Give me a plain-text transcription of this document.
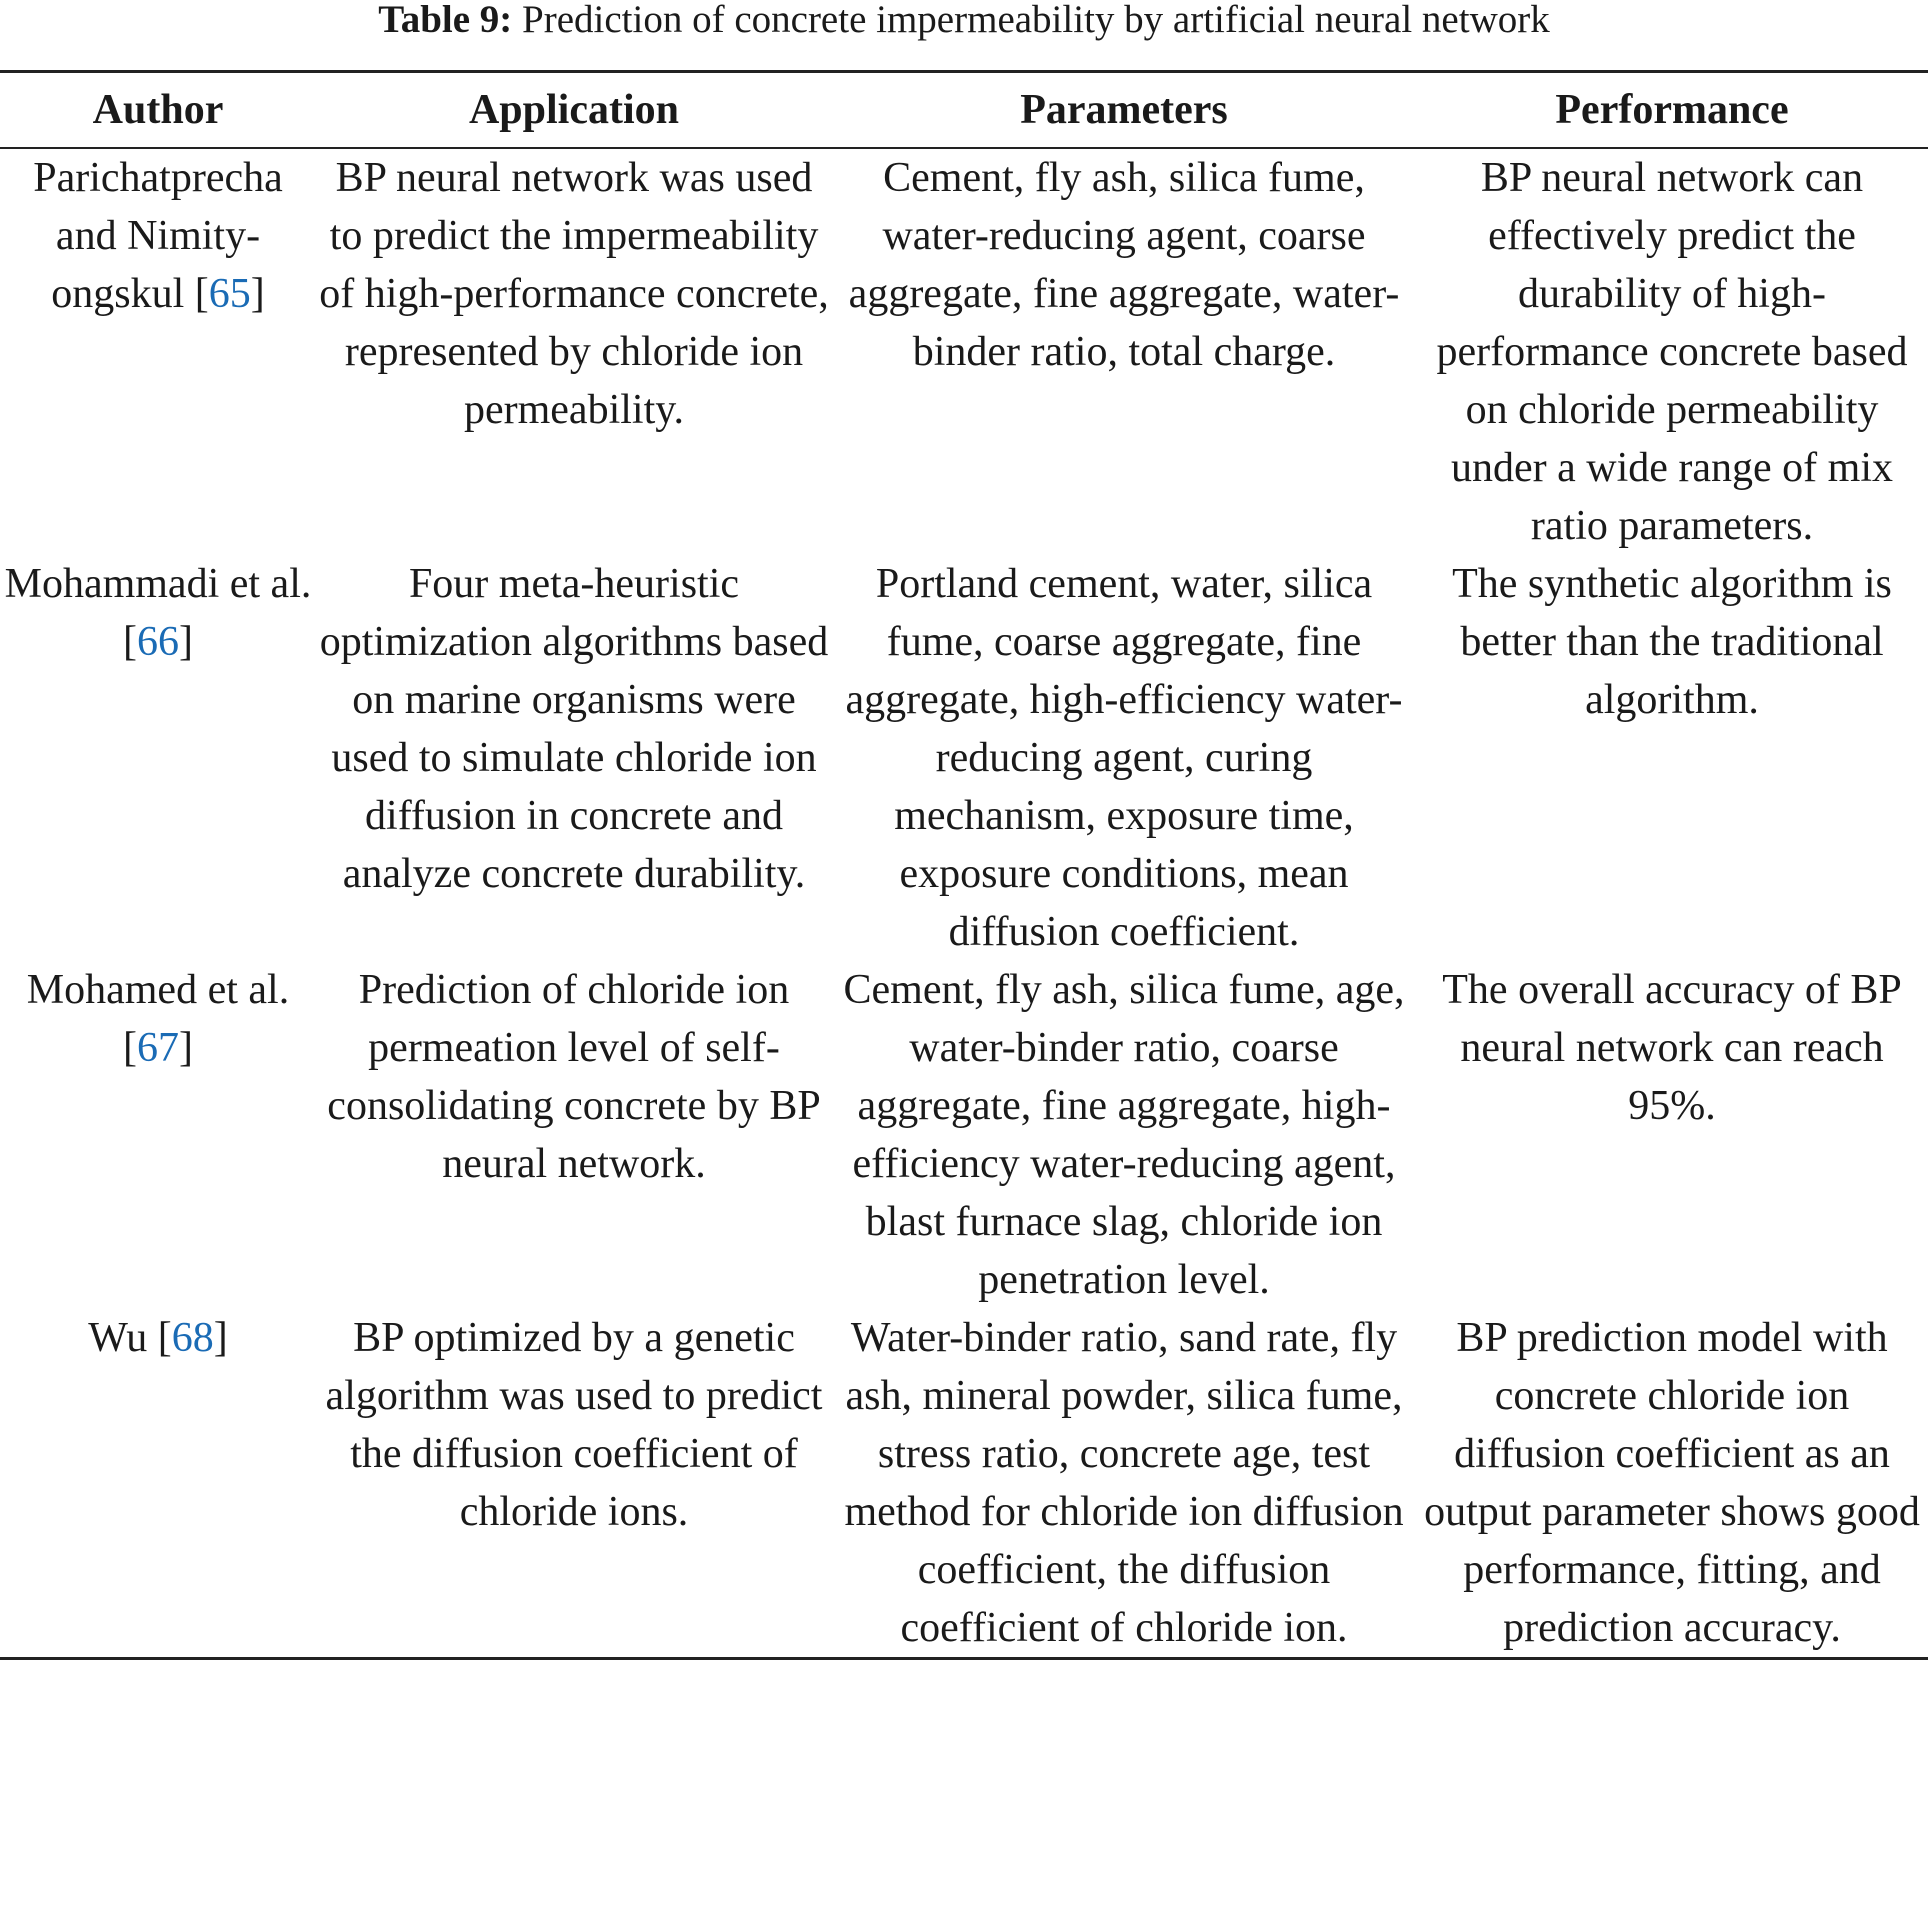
Table 9: Prediction of concrete impermeability by artificial neural network
Author	Application	Parameters	Performance
Parichatprecha and Nimity-ongskul [65]	BP neural network was used to predict the impermeability of high-performance concrete, represented by chloride ion permeability.	Cement, fly ash, silica fume, water-reducing agent, coarse aggregate, fine aggregate, water-binder ratio, total charge.	BP neural network can effectively predict the durability of high-performance concrete based on chloride permeability under a wide range of mix ratio parameters.
Mohammadi et al. [66]	Four meta-heuristic optimization algorithms based on marine organisms were used to simulate chloride ion diffusion in concrete and analyze concrete durability.	Portland cement, water, silica fume, coarse aggregate, fine aggregate, high-efficiency water-reducing agent, curing mechanism, exposure time, exposure conditions, mean diffusion coefficient.	The synthetic algorithm is better than the traditional algorithm.
Mohamed et al. [67]	Prediction of chloride ion permeation level of self-consolidating concrete by BP neural network.	Cement, fly ash, silica fume, age, water-binder ratio, coarse aggregate, fine aggregate, high-efficiency water-reducing agent, blast furnace slag, chloride ion penetration level.	The overall accuracy of BP neural network can reach 95%.
Wu [68]	BP optimized by a genetic algorithm was used to predict the diffusion coefficient of chloride ions.	Water-binder ratio, sand rate, fly ash, mineral powder, silica fume, stress ratio, concrete age, test method for chloride ion diffusion coefficient, the diffusion coefficient of chloride ion.	BP prediction model with concrete chloride ion diffusion coefficient as an output parameter shows good performance, fitting, and prediction accuracy.
